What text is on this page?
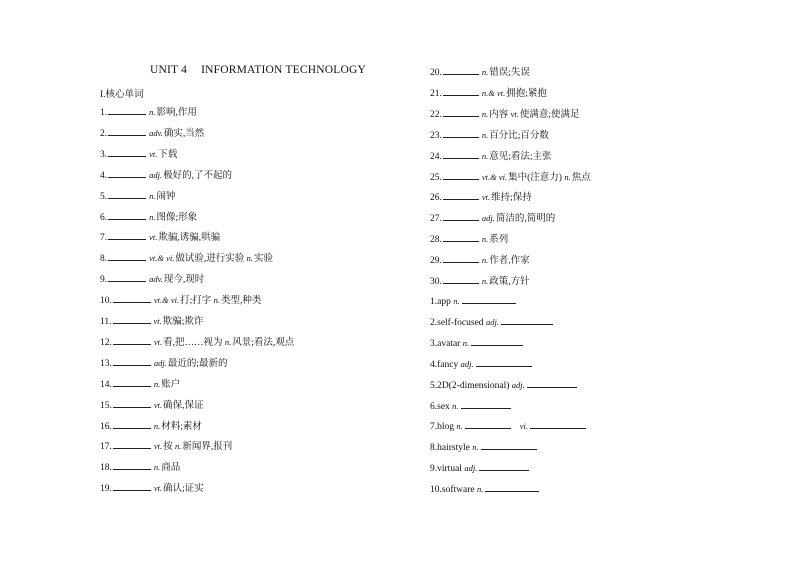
UNIT 4 INFORMATION TECHNOLOGY
I.核心单词
1.	n.影响,作用
2.	adv.确实,当然
3.	vt.下载
4.	adj.极好的,了不起的
5.	n.闹钟
6.	n.图像;形象
7.	vt.欺骗,诱骗,哄骗
8.	vt.& vi.做试验,进行实验 n.实验
9.	adv.现今,现时
10.	vt.& vi.打;打字 n.类型,种类
11.	vt.欺骗;欺诈
12.	vt.看,把……视为 n.风景;看法,观点
13.	adj.最近的;最新的
14.	n.账户
15.	vt.确保,保证
16.	n.材料;素材
17.	vt.按 n.新闻界,报刊
18.	n.商品
19.	vt.确认;证实
20.	n.错误;失误
21.	n.& vt.拥抱;紧抱
22.	n.内容 vt.使满意;使满足
23.	n.百分比;百分数
24.	n.意见;看法;主张
25.	vt.& vi.集中(注意力) n.焦点
26.	vt.维持;保持
27.	adj.简洁的,简明的
28.	n.系列
29.	n.作者,作家
30.	n.政策,方针
1.app n.
2.self-focused adj.
3.avatar n.
4.fancy adj.
5.2D(2-dimensional) adj.
6.sex n.
7.blog n.	vi.
8.hairstyle n.
9.virtual adj.
10.software n.
